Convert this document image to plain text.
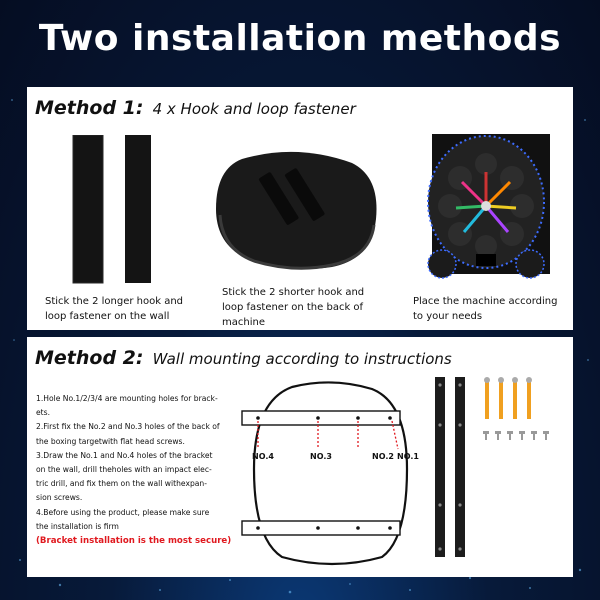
Two installation methods
Method 1: 4 x Hook and loop fastener
Stick the 2 longer hook and loop fastener on the wall
Stick the 2 shorter hook and loop fastener on the back of machine
Place the machine according to your needs
Method 2: Wall mounting according to instructions
1.Hole No.1/2/3/4 are mounting holes for brack-
ets.
2.First fix the No.2 and No.3 holes of the back of
the boxing targetwith flat head screws.
3.Draw the No.1 and No.4 holes of the bracket
on the wall, drill theholes with an impact elec-
tric drill, and fix them on the wall withexpan-
sion screws.
4.Before using the product, please make sure
the installation is firm
(Bracket installation is the most secure)
NO.4	NO.3	NO.2 NO.1
